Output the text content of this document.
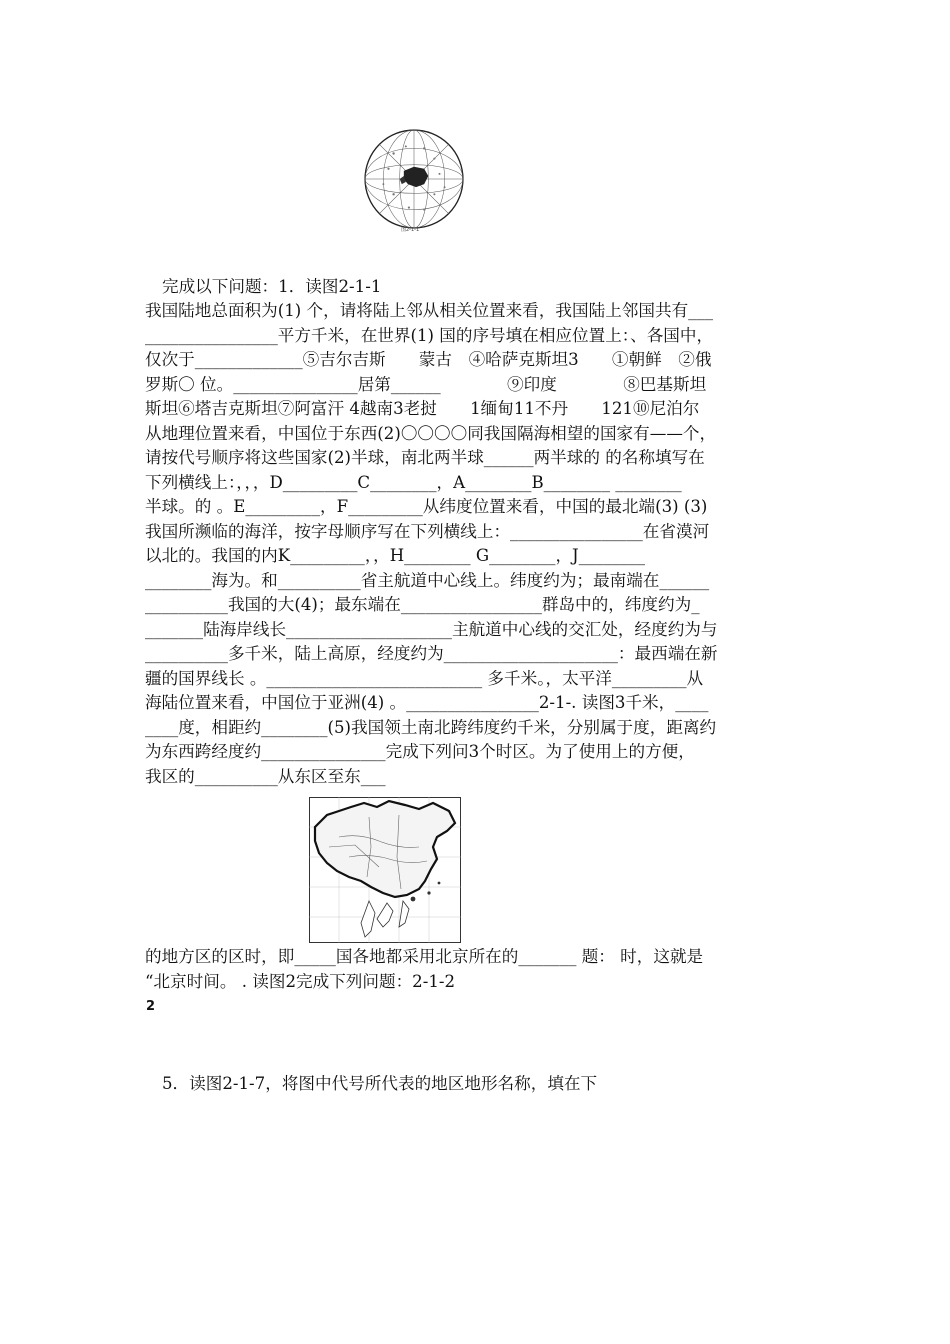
图2-1-1
完成以下问题：1．读图2-1-1
我国陆地总面积为(1) 个，请将陆上邻从相关位置来看，我国陆上邻国共有___
________________平方千米，在世界(1) 国的序号填在相应位置上：、各国中，
仅次于_____________⑤吉尔吉斯　　蒙古　④哈萨克斯坦3　　①朝鲜　②俄
罗斯〇 位。_______________居第______　　　　⑨印度　　　　⑧巴基斯坦
斯坦⑥塔吉克斯坦⑦阿富汗 4越南3老挝　　1缅甸11不丹　　121⑩尼泊尔
从地理位置来看，中国位于东西(2)〇〇〇〇同我国隔海相望的国家有——个，
请按代号顺序将这些国家(2)半球，南北两半球______两半球的 的名称填写在
下列横线上：，，，D_________C________，A________B________ ________
半球。的 。E_________，F_________从纬度位置来看，中国的最北端(3) (3)
我国所濒临的海洋，按字母顺序写在下列横线上：________________在省漠河
以北的。我国的内K_________，，H________ G________，J________
________海为。和__________省主航道中心线上。纬度约为；最南端在______
__________我国的大(4)；最东端在_________________群岛中的，纬度约为_
_______陆海岸线长____________________主航道中心线的交汇处，经度约为与
__________多千米，陆上高原，经度约为_____________________：最西端在新
疆的国界线长 。__________________________ 多千米。，太平洋_________从
海陆位置来看，中国位于亚洲(4) 。________________2-1-. 读图3千米，____
____度，相距约________(5)我国领土南北跨纬度约千米，分别属于度，距离约
为东西跨经度约_______________完成下列问3个时区。为了使用上的方便，
我区的__________从东区至东___
的地方区的区时，即_____国各地都采用北京所在的_______ 题： 时，这就是
“北京时间。 . 读图2完成下列问题：2-1-2
2
5．读图2-1-7，将图中代号所代表的地区地形名称，填在下
